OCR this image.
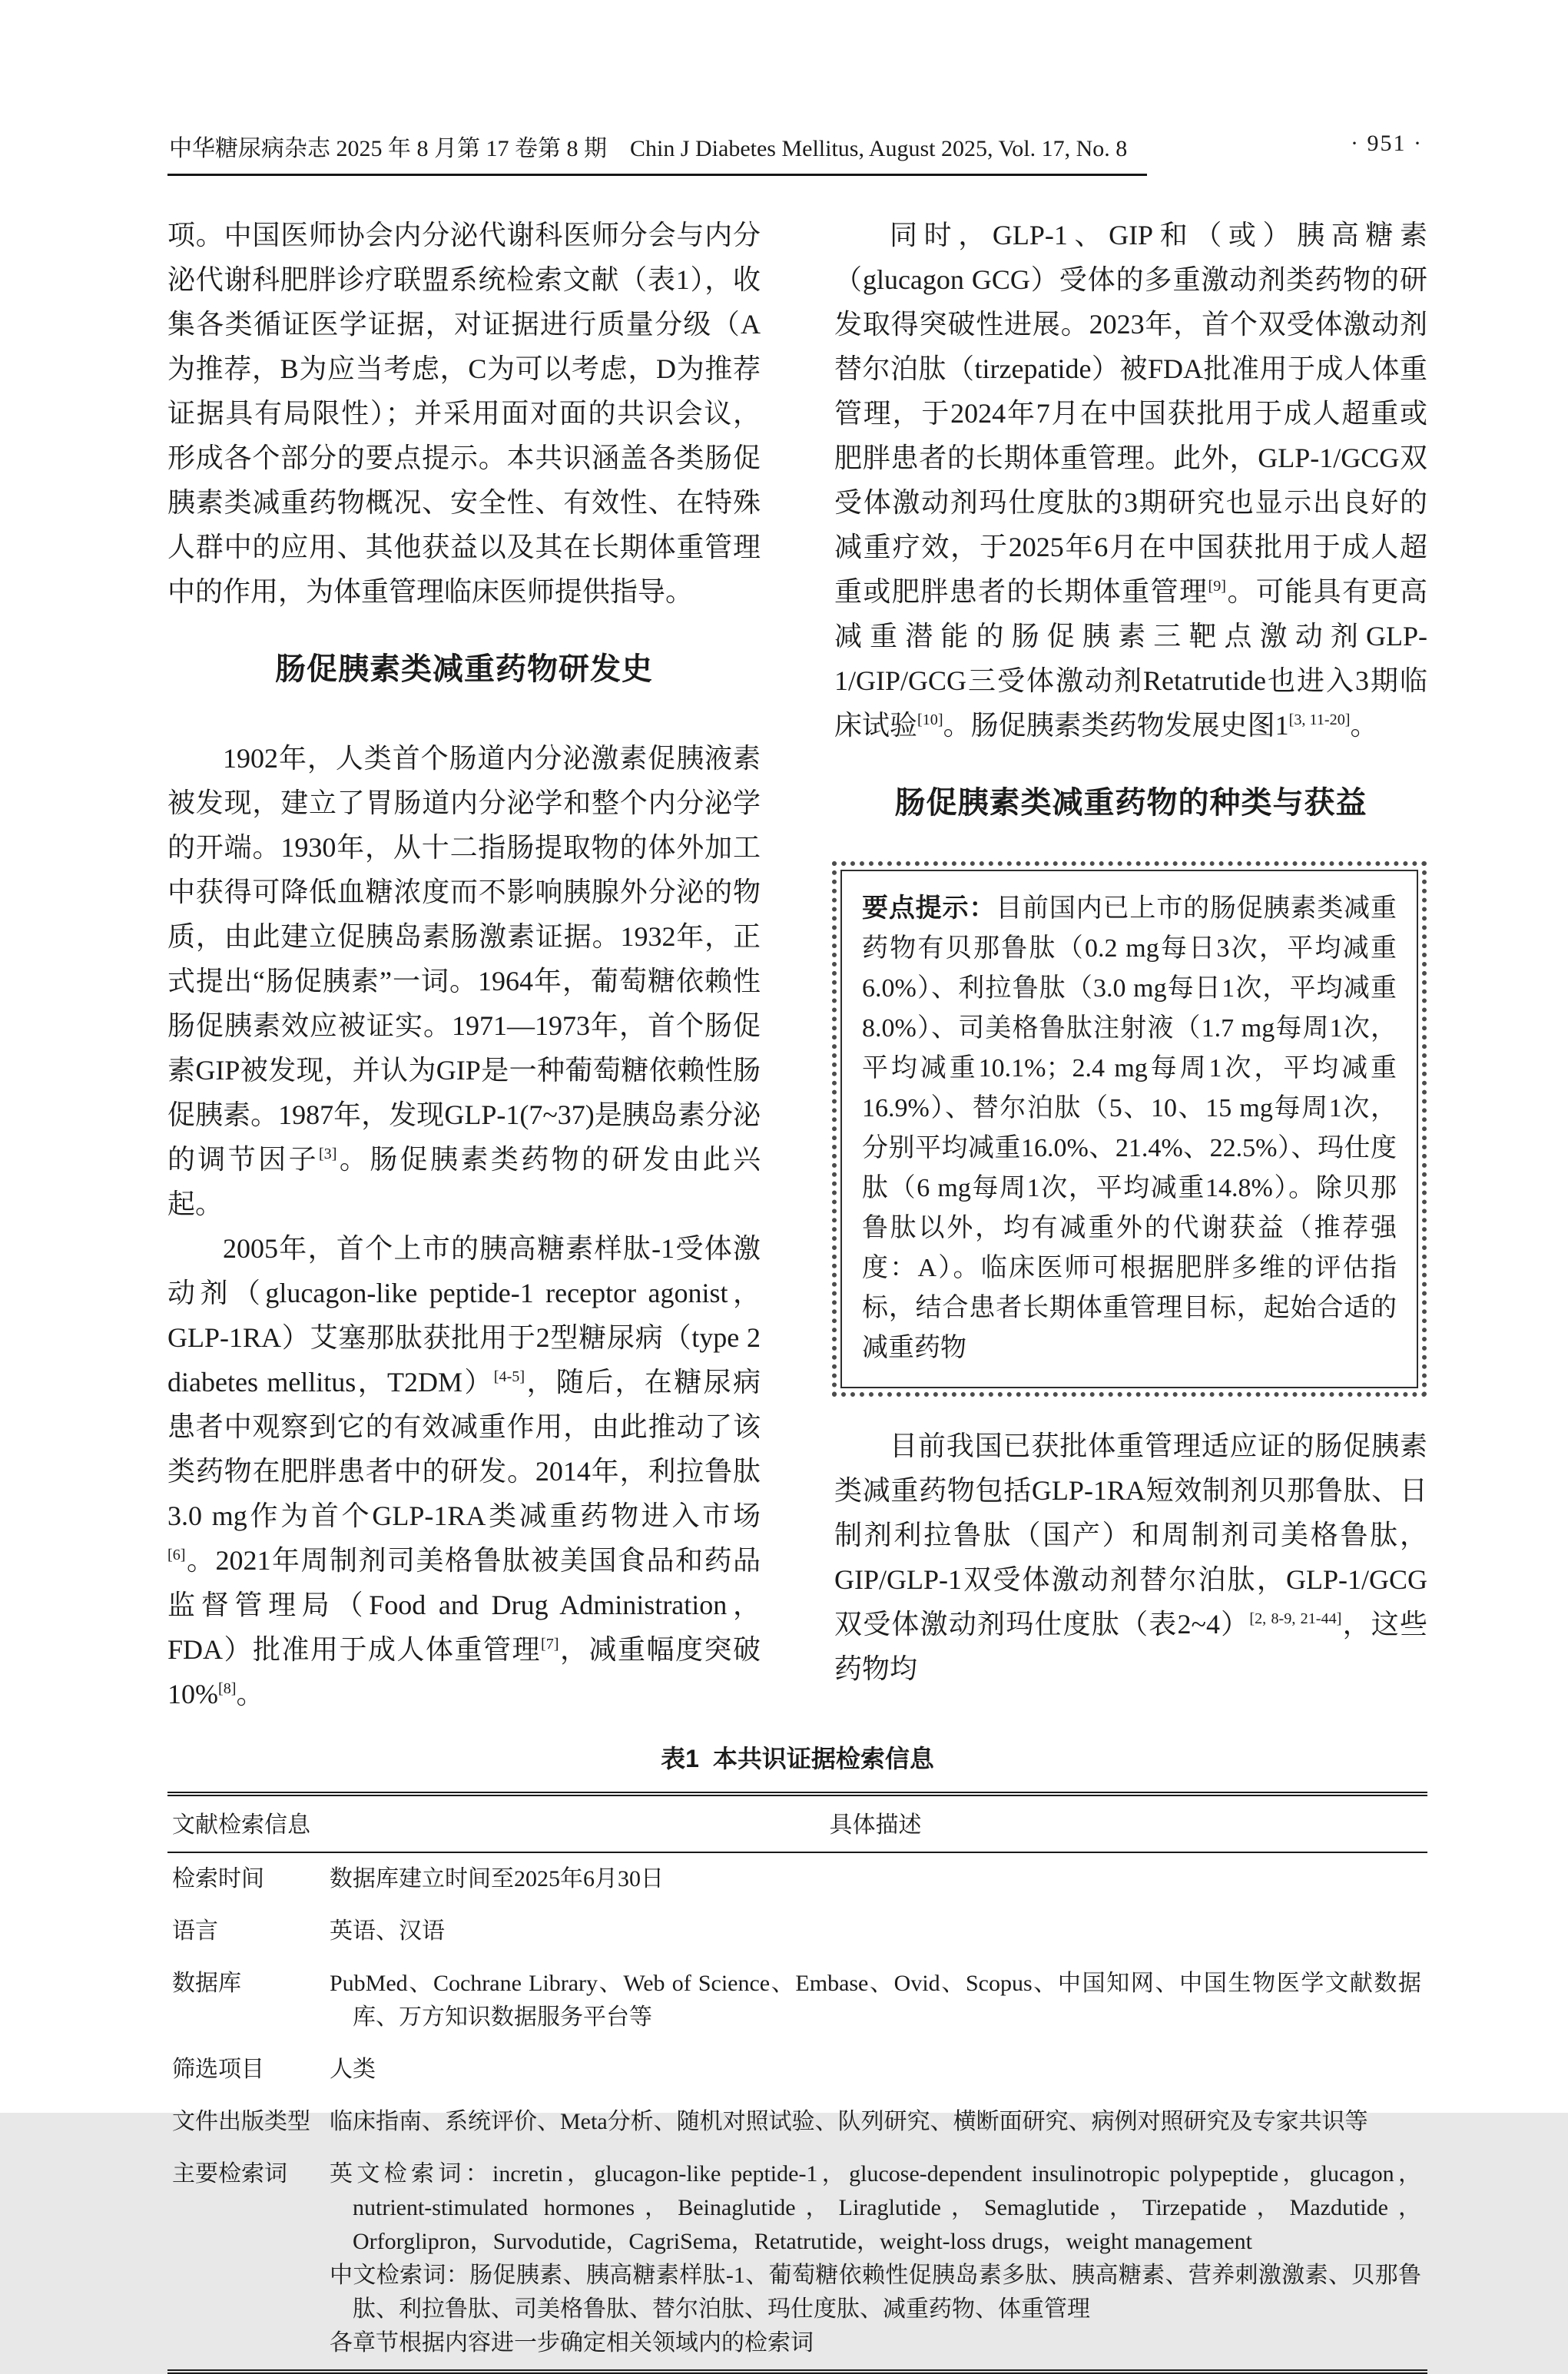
中华糖尿病杂志 2025 年 8 月第 17 卷第 8 期 Chin J Diabetes Mellitus, August 2025, Vol. 17, No. 8	· 951 ·

项。中国医师协会内分泌代谢科医师分会与内分泌代谢科肥胖诊疗联盟系统检索文献（表1），收集各类循证医学证据，对证据进行质量分级（A为推荐，B为应当考虑，C为可以考虑，D为推荐证据具有局限性）；并采用面对面的共识会议，形成各个部分的要点提示。本共识涵盖各类肠促胰素类减重药物概况、安全性、有效性、在特殊人群中的应用、其他获益以及其在长期体重管理中的作用，为体重管理临床医师提供指导。

肠促胰素类减重药物研发史

1902年，人类首个肠道内分泌激素促胰液素被发现，建立了胃肠道内分泌学和整个内分泌学的开端。1930年，从十二指肠提取物的体外加工中获得可降低血糖浓度而不影响胰腺外分泌的物质，由此建立促胰岛素肠激素证据。1932年，正式提出“肠促胰素”一词。1964年，葡萄糖依赖性肠促胰素效应被证实。1971—1973年，首个肠促素GIP被发现，并认为GIP是一种葡萄糖依赖性肠促胰素。1987年，发现GLP-1(7~37)是胰岛素分泌的调节因子[3]。肠促胰素类药物的研发由此兴起。

2005年，首个上市的胰高糖素样肽-1受体激动剂（glucagon-like peptide-1 receptor agonist，GLP-1RA）艾塞那肽获批用于2型糖尿病（type 2 diabetes mellitus，T2DM）[4-5]，随后，在糖尿病患者中观察到它的有效减重作用，由此推动了该类药物在肥胖患者中的研发。2014年，利拉鲁肽3.0 mg作为首个GLP-1RA类减重药物进入市场[6]。2021年周制剂司美格鲁肽被美国食品和药品监督管理局（Food and Drug Administration，FDA）批准用于成人体重管理[7]，减重幅度突破10%[8]。

同时，GLP-1、GIP和（或）胰高糖素（glucagon GCG）受体的多重激动剂类药物的研发取得突破性进展。2023年，首个双受体激动剂替尔泊肽（tirzepatide）被FDA批准用于成人体重管理，于2024年7月在中国获批用于成人超重或肥胖患者的长期体重管理。此外，GLP-1/GCG双受体激动剂玛仕度肽的3期研究也显示出良好的减重疗效，于2025年6月在中国获批用于成人超重或肥胖患者的长期体重管理[9]。可能具有更高减重潜能的肠促胰素三靶点激动剂GLP-1/GIP/GCG三受体激动剂Retatrutide也进入3期临床试验[10]。肠促胰素类药物发展史图1[3, 11-20]。

肠促胰素类减重药物的种类与获益

要点提示：目前国内已上市的肠促胰素类减重药物有贝那鲁肽（0.2 mg每日3次，平均减重6.0%）、利拉鲁肽（3.0 mg每日1次，平均减重8.0%）、司美格鲁肽注射液（1.7 mg每周1次，平均减重10.1%；2.4 mg每周1次，平均减重16.9%）、替尔泊肽（5、10、15 mg每周1次，分别平均减重16.0%、21.4%、22.5%）、玛仕度肽（6 mg每周1次，平均减重14.8%）。除贝那鲁肽以外，均有减重外的代谢获益（推荐强度：A）。临床医师可根据肥胖多维的评估指标，结合患者长期体重管理目标，起始合适的减重药物

目前我国已获批体重管理适应证的肠促胰素类减重药物包括GLP-1RA短效制剂贝那鲁肽、日制剂利拉鲁肽（国产）和周制剂司美格鲁肽，GIP/GLP-1双受体激动剂替尔泊肽，GLP-1/GCG双受体激动剂玛仕度肽（表2~4）[2, 8-9, 21-44]，这些药物均

表1 本共识证据检索信息
文献检索信息	具体描述
检索时间	数据库建立时间至2025年6月30日
语言	英语、汉语
数据库	PubMed、Cochrane Library、Web of Science、Embase、Ovid、Scopus、中国知网、中国生物医学文献数据库、万方知识数据服务平台等
筛选项目	人类
文件出版类型 临床指南、系统评价、Meta分析、随机对照试验、队列研究、横断面研究、病例对照研究及专家共识等
主要检索词	英文检索词：incretin，glucagon-like peptide-1，glucose-dependent insulinotropic polypeptide，glucagon，nutrient-stimulated hormones，Beinaglutide，Liraglutide，Semaglutide，Tirzepatide，Mazdutide，Orforglipron，Survodutide，CagriSema，Retatrutide，weight-loss drugs，weight management
中文检索词：肠促胰素、胰高糖素样肽-1、葡萄糖依赖性促胰岛素多肽、胰高糖素、营养刺激激素、贝那鲁肽、利拉鲁肽、司美格鲁肽、替尔泊肽、玛仕度肽、减重药物、体重管理
各章节根据内容进一步确定相关领域内的检索词
